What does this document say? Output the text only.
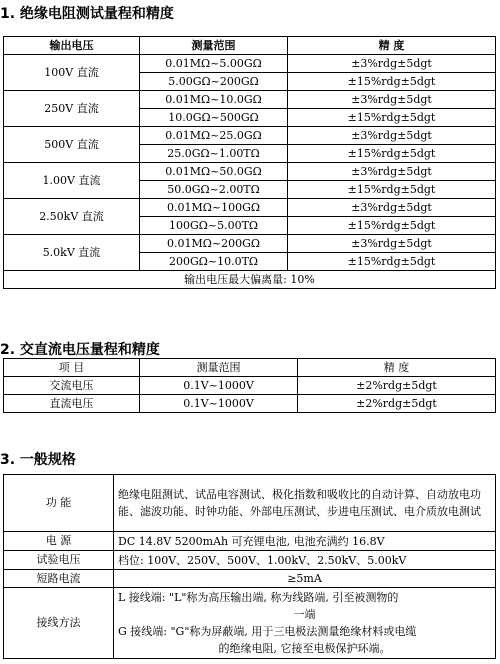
1. 绝缘电阻测试量程和精度
输出电压	测量范围	精 度
100V 直流	0.01MΩ~5.00GΩ	±3%rdg±5dgt
	5.00GΩ~200GΩ	±15%rdg±5dgt
250V 直流	0.01MΩ~10.0GΩ	±3%rdg±5dgt
	10.0GΩ~500GΩ	±15%rdg±5dgt
500V 直流	0.01MΩ~25.0GΩ	±3%rdg±5dgt
	25.0GΩ~1.00TΩ	±15%rdg±5dgt
1.00V 直流	0.01MΩ~50.0GΩ	±3%rdg±5dgt
	50.0GΩ~2.00TΩ	±15%rdg±5dgt
2.50kV 直流	0.01MΩ~100GΩ	±3%rdg±5dgt
	100GΩ~5.00TΩ	±15%rdg±5dgt
5.0kV 直流	0.01MΩ~200GΩ	±3%rdg±5dgt
	200GΩ~10.0TΩ	±15%rdg±5dgt
输出电压最大偏离量: 10%		
2. 交直流电压量程和精度
项 目	测量范围	精 度
交流电压	0.1V~1000V	±2%rdg±5dgt
直流电压	0.1V~1000V	±2%rdg±5dgt
3. 一般规格
功 能	绝缘电阻测试、试品电容测试、极化指数和吸收比的自动计算、自动放电功能、滤波功能、时钟功能、外部电压测试、步进电压测试、电介质放电测试
电 源	DC 14.8V 5200mAh 可充锂电池, 电池充满约 16.8V
试验电压	档位: 100V、250V、500V、1.00kV、2.50kV、5.00kV
短路电流	≥5mA
接线方法	L 接线端: "L"称为高压输出端, 称为线路端, 引至被测物的
一端
G 接线端: "G"称为屏蔽端, 用于三电极法测量绝缘材料或电缆
的绝缘电阻, 它接至电极保护环端。
